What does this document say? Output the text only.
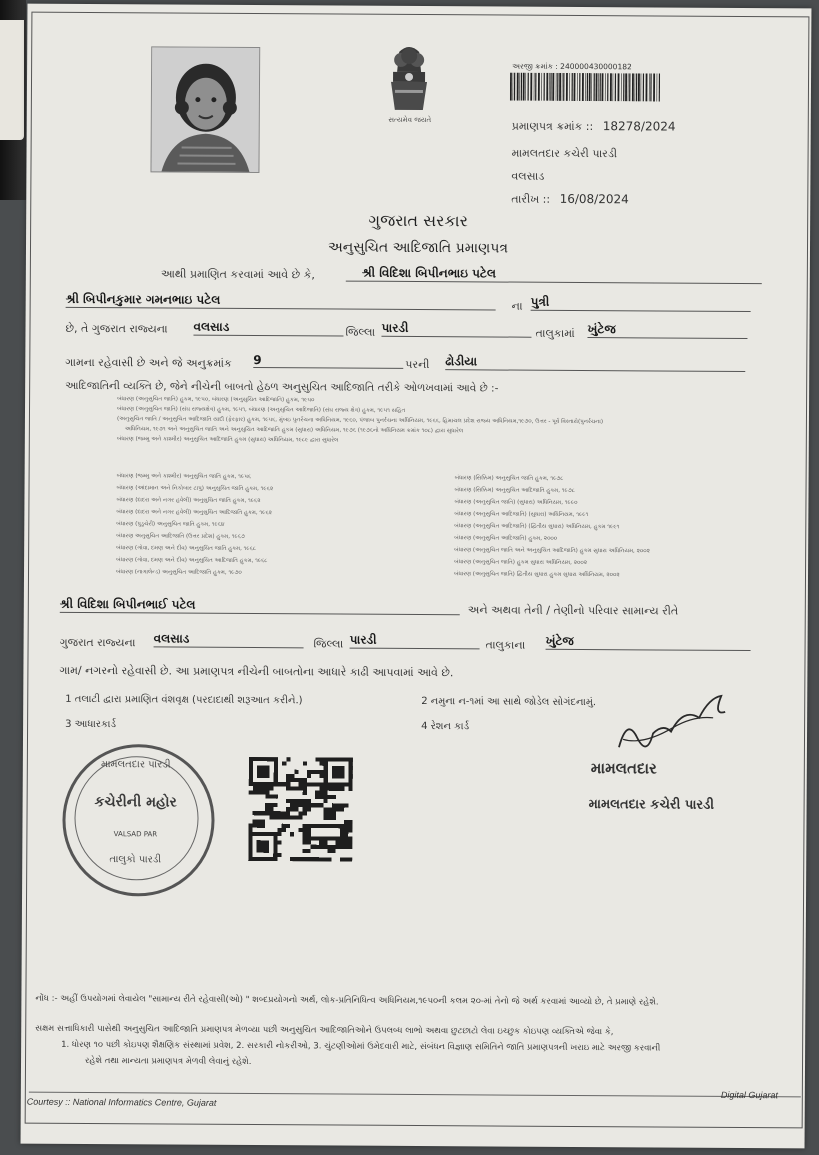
સત્યમેવ જયતે
અરજી ક્રમાંક : 240000430000182
પ્રમાણપત્ર ક્રમાંક :: 18278/2024
મામલતદાર કચેરી પારડી
વલસાડ
તારીખ :: 16/08/2024
ગુજરાત સરકાર
અનુસુચિત આદિજાતિ પ્રમાણપત્ર
આથી પ્રમાણિત કરવામાં આવે છે કે,	શ્રી વિદિશા બિપીનભાઇ પટેલ
શ્રી બિપીનકુમાર ગમનભાઇ પટેલ	ના પુત્રી
છે, તે ગુજરાત રાજ્યના વલસાડ	જિલ્લા પારડી	તાલુકામાં ખુંટેજ
ગામના રહેવાસી છે અને જે અનુક્રમાંક 9	પરની ઢોડીયા
આદિજાતિની વ્યક્તિ છે, જેને નીચેની બાબતો હેઠળ અનુસુચિત આદિજાતિ તરીકે ઓળખવામાં આવે છે :-
બંધારણ (અનુસુચિત જાતિ) હુકમ, ૧૯૫૦, બંધારણ (અનુસુચિત આદિજાતિ) હુકમ, ૧૯૫૦
બંધારણ (અનુસુચિત જાતિ) (સંઘ રાજ્યક્ષેત્ર) હુકમ, ૧૯૫૧, બંધારણ (અનુસુચિત આદિજાતિ) (સંઘ રાજ્ય ક્ષેત્ર) હુકમ, ૧૯૫૧ સહિત
(અનુસુચિત જાતિ / અનુસુચિત આદિજાતિ યાદી (ફેરફાર) હુકમ, ૧૯૫૬, મુંબઇ પુનર્રચના અધિનિયમ, ૧૯૬૦, પંજાબ પુનર્રચના અધિનિયમ, ૧૯૬૬, હિમાચલ પ્રદેશ રાજ્ય અધિનિયમ,૧૯૭૦, ઉત્તર - પૂર્વ વિસ્તારો(પુનર્રચના)
અધિનિયમ, ૧૯૭૧ અને અનુસુચિત જાતિ અને અનુસુચિત આદિજાતિ હુકમ (સુધારા) અધિનિયમ, ૧૯૭૬ (૧૯૭૬નો અધિનિયમ ક્રમાંક ૧૦૮) દ્વારા સુધારેલ
બંધારણ (જમ્મુ અને કાશ્મીર) અનુસુચિત આદિજાતિ હુકમ (સુધારા) અધિનિયમ, ૧૯૮૯ દ્વારા સુધારેલ
બંધારણ (જમ્મુ અને કાશ્મીર) અનુસુચિત જાતિ હુકમ, ૧૯૫૬
બંધારણ (આંદામાન અને નિકોબાર ટાપુ) અનુસુચિત જાતિ હુકમ, ૧૯૬૨
બંધારણ (દાદરા અને નગર હવેલી) અનુસુચિત જાતિ હુકમ, ૧૯૬૨
બંધારણ (દાદરા અને નગર હવેલી) અનુસુચિત આદિજાતિ હુકમ, ૧૯૬૨
બંધારણ (પુડુચેરી) અનુસુચિત જાતિ હુકમ, ૧૯૬૪
બંધારણ અનુસુચિત આદિજાતિ (ઉત્તર પ્રદેશ) હુકમ, ૧૯૬૭
બંધારણ (ગોવા, દમણ અને દીવ) અનુસુચિત જાતિ હુકમ, ૧૯૬૮
બંધારણ (ગોવા, દમણ અને દીવ) અનુસુચિત આદિજાતિ હુકમ, ૧૯૬૮
બંધારણ (નાગાલેન્ડ) અનુસુચિત આદિજાતિ હુકમ, ૧૯૭૦
બંધારણ (સિક્કિમ) અનુસુચિત જાતિ હુકમ, ૧૯૭૮
બંધારણ (સિક્કિમ) અનુસુચિત આદિજાતિ હુકમ, ૧૯૭૮
બંધારણ (અનુસુચિત જાતિ) (સુધારા) અધિનિયમ, ૧૯૯૦
બંધારણ (અનુસુચિત આદિજાતિ) (સુધારા) અધિનિયમ, ૧૯૯૧
બંધારણ (અનુસુચિત આદિજાતિ) (દ્વિતીય સુધારા) અધિનિયમ, હુકમ ૧૯૯૧
બંધારણ (અનુસુચિત આદિજાતિ) હુકમ, ૨૦૦૦
બંધારણ (અનુસુચિત જાતિ અને અનુસુચિત આદિજાતિ) હુકમ સુધારા અધિનિયમ, ૨૦૦૨
બંધારણ (અનુસુચિત જાતિ) હુકમ સુધારા અધિનિયમ, ૨૦૦૨
બંધારણ (અનુસુચિત જાતિ) દ્વિતીય સુધારા હુકમ સુધારા અધિનિયમ, ૨૦૦૨
શ્રી વિદિશા બિપીનભાઈ પટેલ	અને અથવા તેની / તેણીનો પરિવાર સામાન્ય રીતે
ગુજરાત રાજ્યના વલસાડ	જિલ્લા પારડી	તાલુકાના ખુંટેજ
ગામ/ નગરનો રહેવાસી છે. આ પ્રમાણપત્ર નીચેની બાબતોના આધારે કાઢી આપવામાં આવે છે.
1 તલાટી દ્વારા પ્રમાણિત વંશવૃક્ષ (પરદાદાથી શરૂઆત કરીને.)	2 નમુના ન-૧માં આ સાથે જોડેલ સોગંદનામું.
3 આધારકાર્ડ	4 રેશન કાર્ડ
મામલતદાર પારડી
કચેરીની મહોર
VALSAD PAR
તાલુકો પારડી
મામલતદાર
મામલતદાર કચેરી પારડી
નોંધ :- અહીં ઉપયોગમાં લેવાયેલ "સામાન્ય રીતે રહેવાસી(ઓ) " શબ્દપ્રયોગનો અર્થ, લોક-પ્રતિનિધિત્વ અધિનિયમ,૧૯૫૦ની કલમ ૨૦-માં તેનો જે અર્થ કરવામાં આવ્યો છે, તે પ્રમાણે રહેશે.
સક્ષમ સત્તાધિકારી પાસેથી અનુસુચિત આદિજાતિ પ્રમાણપત્ર મેળવ્યા પછી અનુસુચિત આદિજાતિઓને ઉપલબ્ધ લાભો અથવા છુટછાટો લેવા ઇચ્છુક કોઇપણ વ્યક્તિએ જેવા કે,
1. ધોરણ ૧૦ પછી કોઇપણ શૈક્ષણિક સંસ્થામાં પ્રવેશ, 2. સરકારી નોકરીઓ, 3. ચુંટણીઓમાં ઉમેદવારી માટે, સંબંધન વિજ્ઞાણ સમિતિને જાતિ પ્રમાણપત્રની ખરાઇ માટે અરજી કરવાની
રહેશે તથા માન્યતા પ્રમાણપત્ર મેળવી લેવાનું રહેશે.
Courtesy :: National Informatics Centre, Gujarat
Digital Gujarat
